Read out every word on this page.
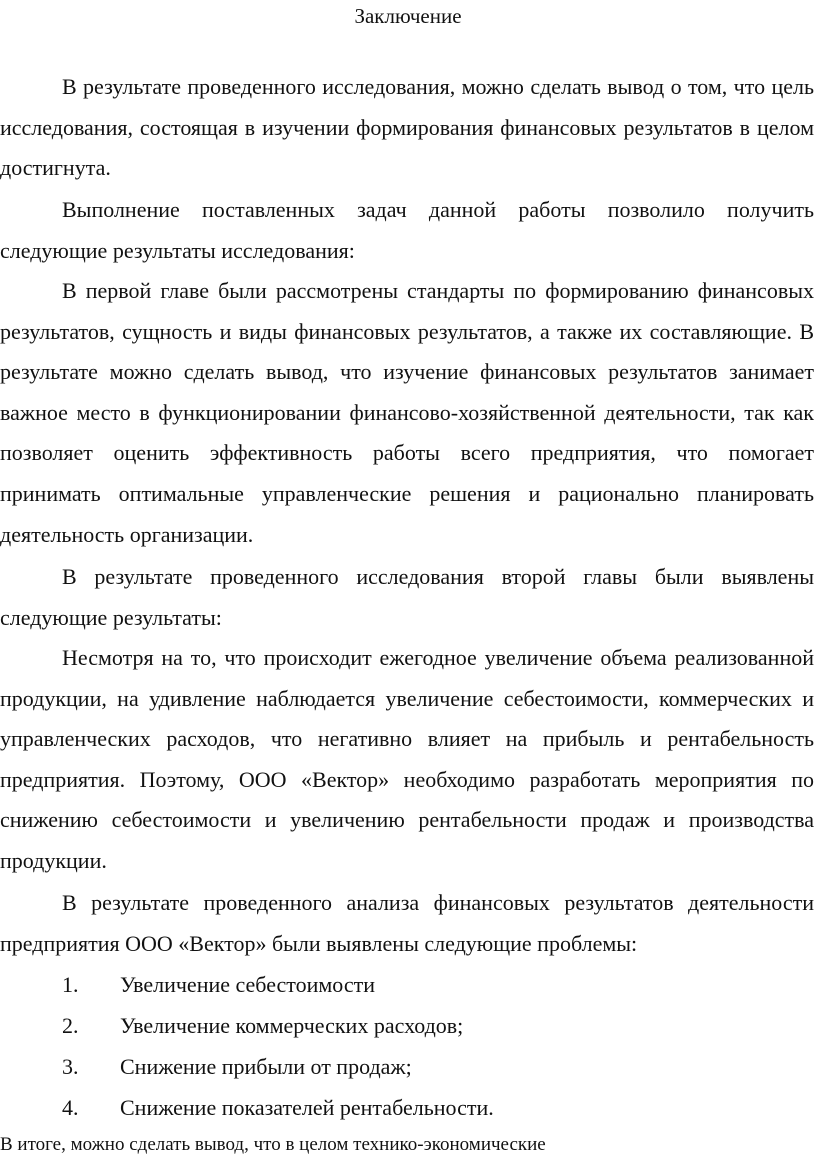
Заключение

В результате проведенного исследования, можно сделать вывод о том, что цель исследования, состоящая в изучении формирования финансовых результатов в целом достигнута.

Выполнение поставленных задач данной работы позволило получить следующие результаты исследования:

В первой главе были рассмотрены стандарты по формированию финансовых результатов, сущность и виды финансовых результатов, а также их составляющие. В результате можно сделать вывод, что изучение финансовых результатов занимает важное место в функционировании финансово-хозяйственной деятельности, так как позволяет оценить эффективность работы всего предприятия, что помогает принимать оптимальные управленческие решения и рационально планировать деятельность организации.

В результате проведенного исследования второй главы были выявлены следующие результаты:

Несмотря на то, что происходит ежегодное увеличение объема реализованной продукции, на удивление наблюдается увеличение себестоимости, коммерческих и управленческих расходов, что негативно влияет на прибыль и рентабельность предприятия. Поэтому, ООО «Вектор» необходимо разработать мероприятия по снижению себестоимости и увеличению рентабельности продаж и производства продукции.

В результате проведенного анализа финансовых результатов деятельности предприятия ООО «Вектор» были выявлены следующие проблемы:

1. Увеличение себестоимости
2. Увеличение коммерческих расходов;
3. Снижение прибыли от продаж;
4. Снижение показателей рентабельности.
В итоге, можно сделать вывод, что в целом технико-экономические
